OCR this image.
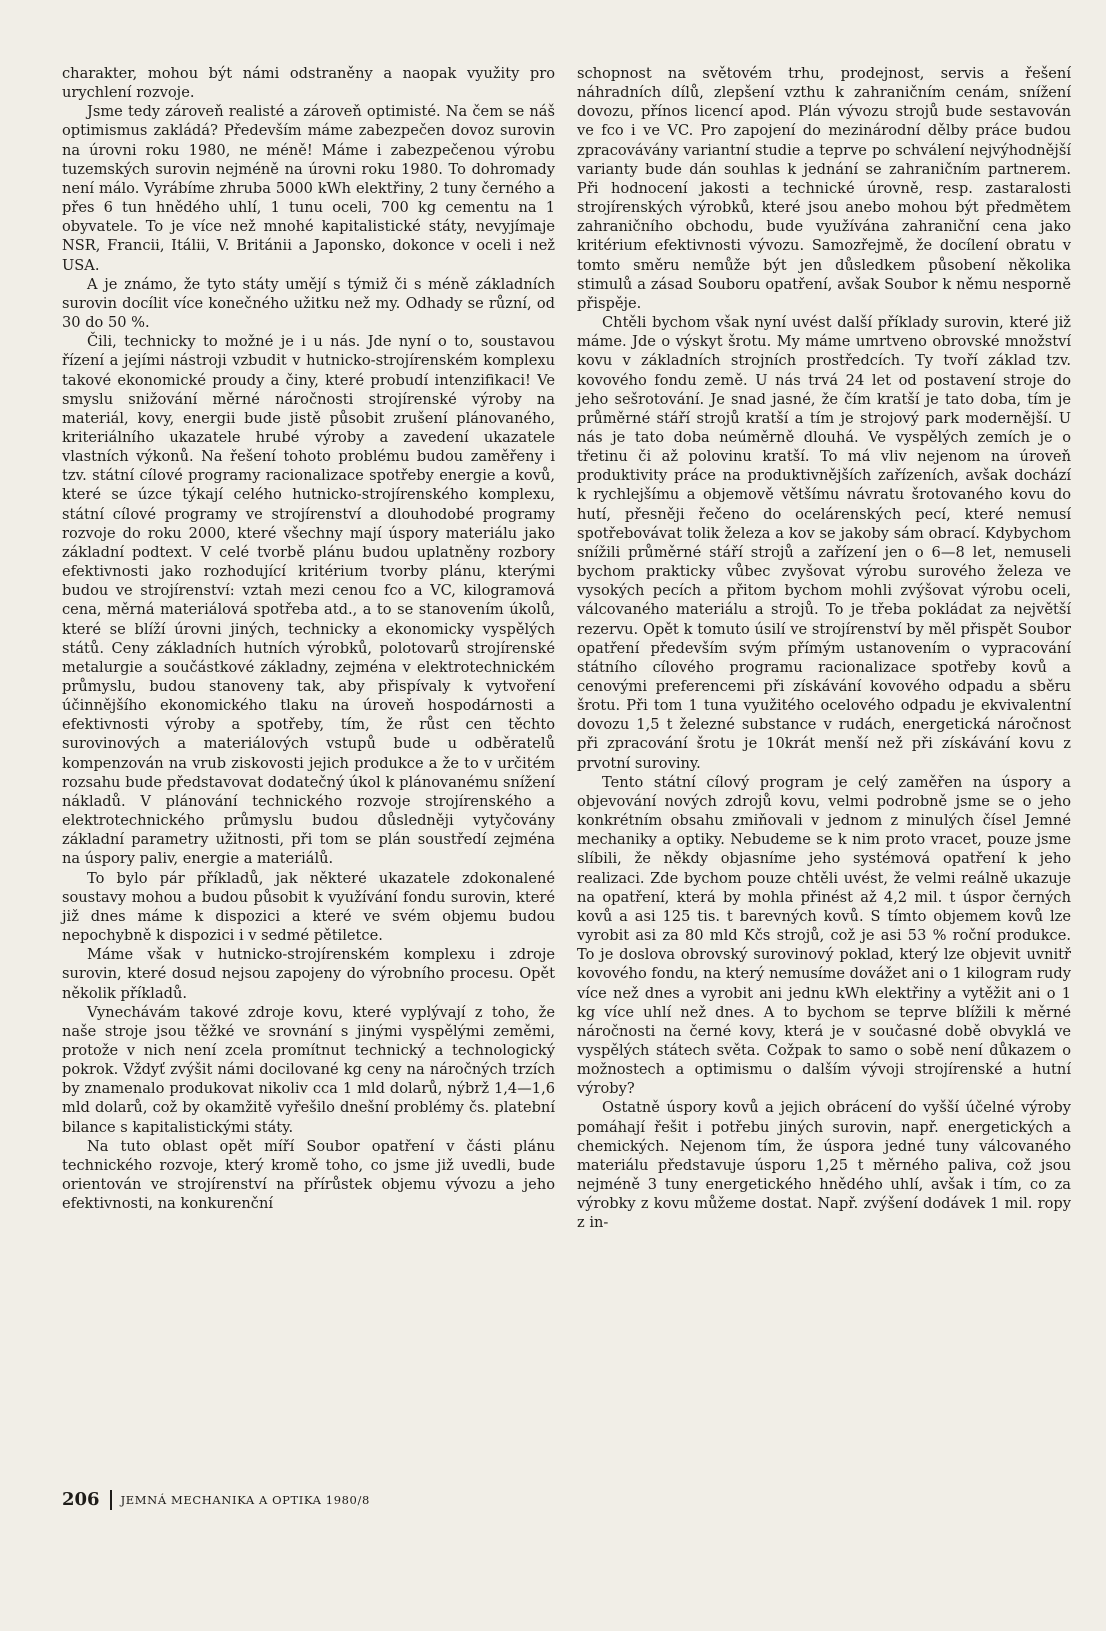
charakter, mohou být námi odstraněny a naopak využity pro urychlení rozvoje.

Jsme tedy zároveň realisté a zároveň optimisté. Na čem se náš optimismus zakládá? Především máme zabezpečen dovoz surovin na úrovni roku 1980, ne méně! Máme i zabezpečenou výrobu tuzemských surovin nejméně na úrovni roku 1980. To dohromady není málo. Vyrábíme zhruba 5000 kWh elektřiny, 2 tuny černého a přes 6 tun hnědého uhlí, 1 tunu oceli, 700 kg cementu na 1 obyvatele. To je více než mnohé kapitalistické státy, nevyjímaje NSR, Francii, Itálii, V. Británii a Japonsko, dokonce v oceli i než USA.

A je známo, že tyto státy umějí s týmiž či s méně základních surovin docílit více konečného užitku než my. Odhady se různí, od 30 do 50 %.

Čili, technicky to možné je i u nás. Jde nyní o to, soustavou řízení a jejími nástroji vzbudit v hutnicko-strojírenském komplexu takové ekonomické proudy a činy, které probudí intenzifikaci! Ve smyslu snižování měrné náročnosti strojírenské výroby na materiál, kovy, energii bude jistě působit zrušení plánovaného, kriteriálního ukazatele hrubé výroby a zavedení ukazatele vlastních výkonů. Na řešení tohoto problému budou zaměřeny i tzv. státní cílové programy racionalizace spotřeby energie a kovů, které se úzce týkají celého hutnicko-strojírenského komplexu, státní cílové programy ve strojírenství a dlouhodobé programy rozvoje do roku 2000, které všechny mají úspory materiálu jako základní podtext. V celé tvorbě plánu budou uplatněny rozbory efektivnosti jako rozhodující kritérium tvorby plánu, kterými budou ve strojírenství: vztah mezi cenou fco a VC, kilogramová cena, měrná materiálová spotřeba atd., a to se stanovením úkolů, které se blíží úrovni jiných, technicky a ekonomicky vyspělých států. Ceny základních hutních výrobků, polotovarů strojírenské metalurgie a součástkové základny, zejména v elektrotechnickém průmyslu, budou stanoveny tak, aby přispívaly k vytvoření účinnějšího ekonomického tlaku na úroveň hospodárnosti a efektivnosti výroby a spotřeby, tím, že růst cen těchto surovinových a materiálových vstupů bude u odběratelů kompenzován na vrub ziskovosti jejich produkce a že to v určitém rozsahu bude představovat dodatečný úkol k plánovanému snížení nákladů. V plánování technického rozvoje strojírenského a elektrotechnického průmyslu budou důsledněji vytyčovány základní parametry užitnosti, při tom se plán soustředí zejména na úspory paliv, energie a materiálů.

To bylo pár příkladů, jak některé ukazatele zdokonalené soustavy mohou a budou působit k využívání fondu surovin, které již dnes máme k dispozici a které ve svém objemu budou nepochybně k dispozici i v sedmé pětiletce.

Máme však v hutnicko-strojírenském komplexu i zdroje surovin, které dosud nejsou zapojeny do výrobního procesu. Opět několik příkladů.

Vynechávám takové zdroje kovu, které vyplývají z toho, že naše stroje jsou těžké ve srovnání s jinými vyspělými zeměmi, protože v nich není zcela promítnut technický a technologický pokrok. Vždyť zvýšit námi docilované kg ceny na náročných trzích by znamenalo produkovat nikoliv cca 1 mld dolarů, nýbrž 1,4—1,6 mld dolarů, což by okamžitě vyřešilo dnešní problémy čs. platební bilance s kapitalistickými státy.

Na tuto oblast opět míří Soubor opatření v části plánu technického rozvoje, který kromě toho, co jsme již uvedli, bude orientován ve strojírenství na přírůstek objemu vývozu a jeho efektivnosti, na konkurenční

schopnost na světovém trhu, prodejnost, servis a řešení náhradních dílů, zlepšení vzthu k zahraničním cenám, snížení dovozu, přínos licencí apod. Plán vývozu strojů bude sestavován ve fco i ve VC. Pro zapojení do mezinárodní dělby práce budou zpracovávány variantní studie a teprve po schválení nejvýhodnější varianty bude dán souhlas k jednání se zahraničním partnerem. Při hodnocení jakosti a technické úrovně, resp. zastaralosti strojírenských výrobků, které jsou anebo mohou být předmětem zahraničního obchodu, bude využívána zahraniční cena jako kritérium efektivnosti vývozu. Samozřejmě, že docílení obratu v tomto směru nemůže být jen důsledkem působení několika stimulů a zásad Souboru opatření, avšak Soubor k němu nesporně přispěje.

Chtěli bychom však nyní uvést další příklady surovin, které již máme. Jde o výskyt šrotu. My máme umrtveno obrovské množství kovu v základních strojních prostředcích. Ty tvoří základ tzv. kovového fondu země. U nás trvá 24 let od postavení stroje do jeho sešrotování. Je snad jasné, že čím kratší je tato doba, tím je průměrné stáří strojů kratší a tím je strojový park modernější. U nás je tato doba neúměrně dlouhá. Ve vyspělých zemích je o třetinu či až polovinu kratší. To má vliv nejenom na úroveň produktivity práce na produktivnějších zařízeních, avšak dochází k rychlejšímu a objemově většímu návratu šrotovaného kovu do hutí, přesněji řečeno do ocelárenských pecí, které nemusí spotřebovávat tolik železa a kov se jakoby sám obrací. Kdybychom snížili průměrné stáří strojů a zařízení jen o 6—8 let, nemuseli bychom prakticky vůbec zvyšovat výrobu surového železa ve vysokých pecích a přitom bychom mohli zvýšovat výrobu oceli, válcovaného materiálu a strojů. To je třeba pokládat za největší rezervu. Opět k tomuto úsilí ve strojírenství by měl přispět Soubor opatření především svým přímým ustanovením o vypracování státního cílového programu racionalizace spotřeby kovů a cenovými preferencemi při získávání kovového odpadu a sběru šrotu. Při tom 1 tuna využitého ocelového odpadu je ekvivalentní dovozu 1,5 t železné substance v rudách, energetická náročnost při zpracování šrotu je 10krát menší než při získávání kovu z prvotní suroviny.

Tento státní cílový program je celý zaměřen na úspory a objevování nových zdrojů kovu, velmi podrobně jsme se o jeho konkrétním obsahu zmiňovali v jednom z minulých čísel Jemné mechaniky a optiky. Nebudeme se k nim proto vracet, pouze jsme slíbili, že někdy objasníme jeho systémová opatření k jeho realizaci. Zde bychom pouze chtěli uvést, že velmi reálně ukazuje na opatření, která by mohla přinést až 4,2 mil. t úspor černých kovů a asi 125 tis. t barevných kovů. S tímto objemem kovů lze vyrobit asi za 80 mld Kčs strojů, což je asi 53 % roční produkce. To je doslova obrovský surovinový poklad, který lze objevit uvnitř kovového fondu, na který nemusíme dovážet ani o 1 kilogram rudy více než dnes a vyrobit ani jednu kWh elektřiny a vytěžit ani o 1 kg více uhlí než dnes. A to bychom se teprve blížili k měrné náročnosti na černé kovy, která je v současné době obvyklá ve vyspělých státech světa. Cožpak to samo o sobě není důkazem o možnostech a optimismu o dalším vývoji strojírenské a hutní výroby?

Ostatně úspory kovů a jejich obrácení do vyšší účelné výroby pomáhají řešit i potřebu jiných surovin, např. energetických a chemických. Nejenom tím, že úspora jedné tuny válcovaného materiálu představuje úsporu 1,25 t měrného paliva, což jsou nejméně 3 tuny energetického hnědého uhlí, avšak i tím, co za výrobky z kovu můžeme dostat. Např. zvýšení dodávek 1 mil. ropy z in-

206 JEMNÁ MECHANIKA A OPTIKA 1980/8
